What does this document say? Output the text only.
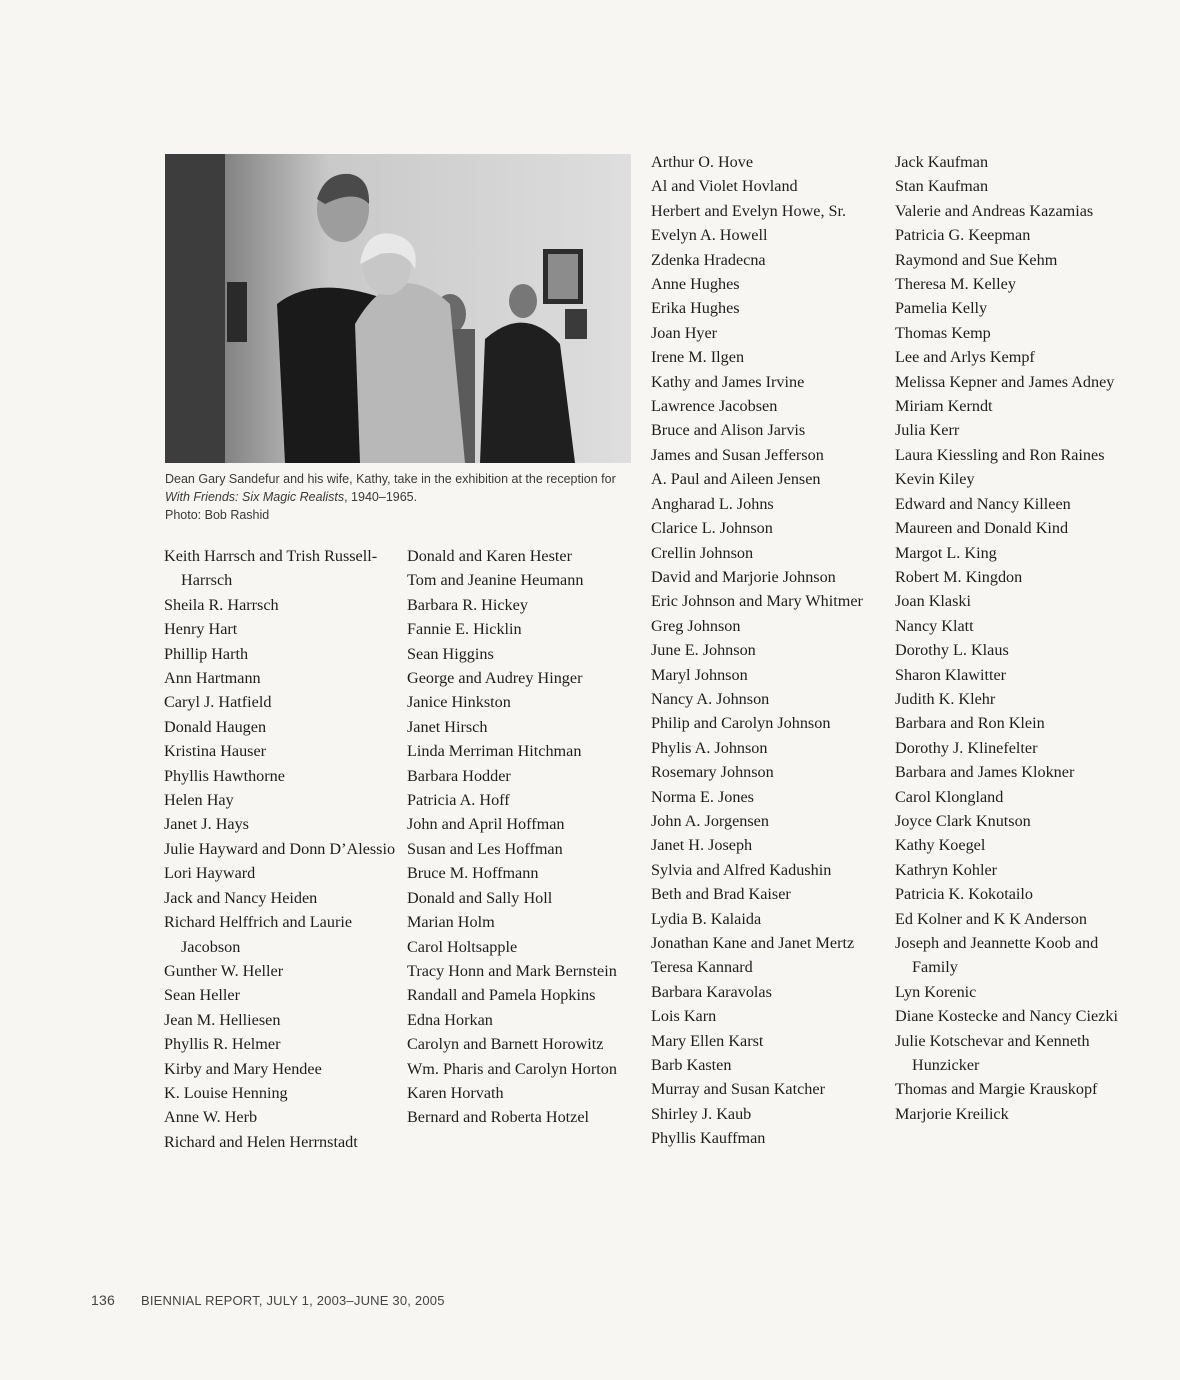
Dean Gary Sandefur and his wife, Kathy, take in the exhibition at the reception for With Friends: Six Magic Realists, 1940–1965.
Photo: Bob Rashid
Keith Harrsch and Trish Russell-Harrsch
Sheila R. Harrsch
Henry Hart
Phillip Harth
Ann Hartmann
Caryl J. Hatfield
Donald Haugen
Kristina Hauser
Phyllis Hawthorne
Helen Hay
Janet J. Hays
Julie Hayward and Donn D’Alessio
Lori Hayward
Jack and Nancy Heiden
Richard Helffrich and Laurie Jacobson
Gunther W. Heller
Sean Heller
Jean M. Helliesen
Phyllis R. Helmer
Kirby and Mary Hendee
K. Louise Henning
Anne W. Herb
Richard and Helen Herrnstadt
Donald and Karen Hester
Tom and Jeanine Heumann
Barbara R. Hickey
Fannie E. Hicklin
Sean Higgins
George and Audrey Hinger
Janice Hinkston
Janet Hirsch
Linda Merriman Hitchman
Barbara Hodder
Patricia A. Hoff
John and April Hoffman
Susan and Les Hoffman
Bruce M. Hoffmann
Donald and Sally Holl
Marian Holm
Carol Holtsapple
Tracy Honn and Mark Bernstein
Randall and Pamela Hopkins
Edna Horkan
Carolyn and Barnett Horowitz
Wm. Pharis and Carolyn Horton
Karen Horvath
Bernard and Roberta Hotzel
Arthur O. Hove
Al and Violet Hovland
Herbert and Evelyn Howe, Sr.
Evelyn A. Howell
Zdenka Hradecna
Anne Hughes
Erika Hughes
Joan Hyer
Irene M. Ilgen
Kathy and James Irvine
Lawrence Jacobsen
Bruce and Alison Jarvis
James and Susan Jefferson
A. Paul and Aileen Jensen
Angharad L. Johns
Clarice L. Johnson
Crellin Johnson
David and Marjorie Johnson
Eric Johnson and Mary Whitmer
Greg Johnson
June E. Johnson
Maryl Johnson
Nancy A. Johnson
Philip and Carolyn Johnson
Phylis A. Johnson
Rosemary Johnson
Norma E. Jones
John A. Jorgensen
Janet H. Joseph
Sylvia and Alfred Kadushin
Beth and Brad Kaiser
Lydia B. Kalaida
Jonathan Kane and Janet Mertz
Teresa Kannard
Barbara Karavolas
Lois Karn
Mary Ellen Karst
Barb Kasten
Murray and Susan Katcher
Shirley J. Kaub
Phyllis Kauffman
Jack Kaufman
Stan Kaufman
Valerie and Andreas Kazamias
Patricia G. Keepman
Raymond and Sue Kehm
Theresa M. Kelley
Pamelia Kelly
Thomas Kemp
Lee and Arlys Kempf
Melissa Kepner and James Adney
Miriam Kerndt
Julia Kerr
Laura Kiessling and Ron Raines
Kevin Kiley
Edward and Nancy Killeen
Maureen and Donald Kind
Margot L. King
Robert M. Kingdon
Joan Klaski
Nancy Klatt
Dorothy L. Klaus
Sharon Klawitter
Judith K. Klehr
Barbara and Ron Klein
Dorothy J. Klinefelter
Barbara and James Klokner
Carol Klongland
Joyce Clark Knutson
Kathy Koegel
Kathryn Kohler
Patricia K. Kokotailo
Ed Kolner and K K Anderson
Joseph and Jeannette Koob and Family
Lyn Korenic
Diane Kostecke and Nancy Ciezki
Julie Kotschevar and Kenneth Hunzicker
Thomas and Margie Krauskopf
Marjorie Kreilick
136 BIENNIAL REPORT, JULY 1, 2003–JUNE 30, 2005
